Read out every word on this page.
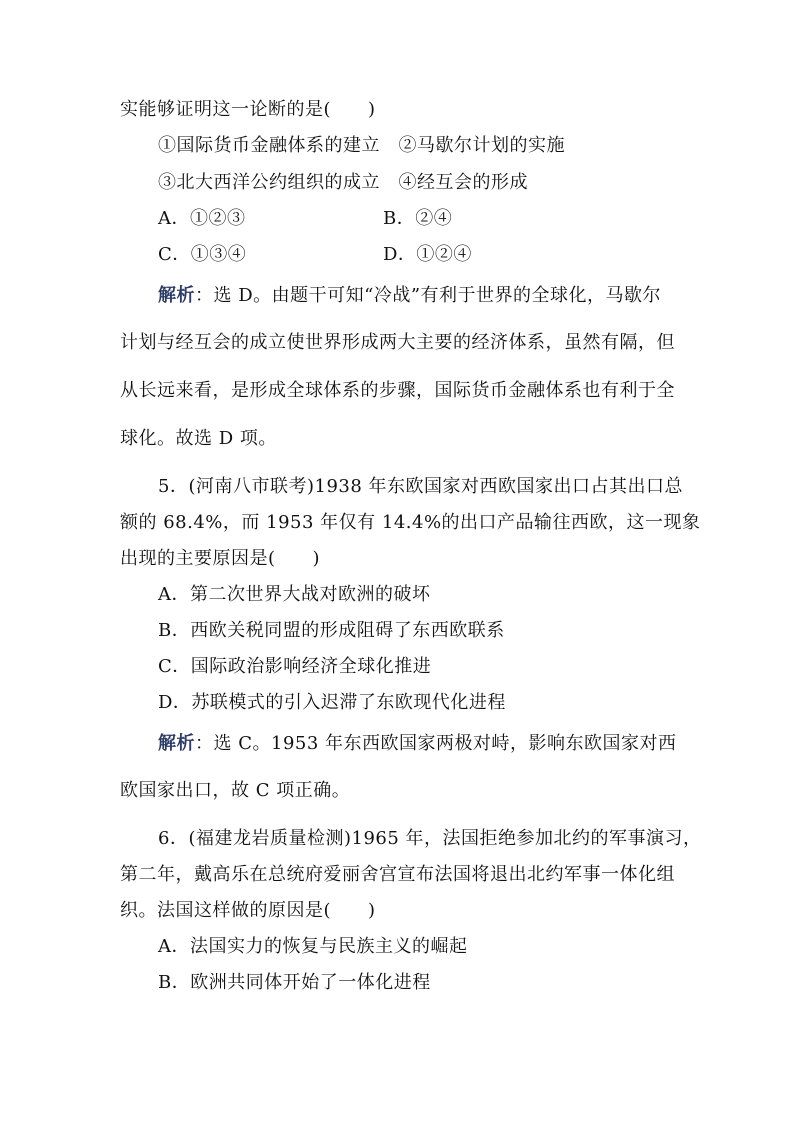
实能够证明这一论断的是(　　)
①国际货币金融体系的建立　②马歇尔计划的实施
③北大西洋公约组织的成立　④经互会的形成
A．①②③	B．②④
C．①③④	D．①②④
解析：选 D。由题干可知“冷战”有利于世界的全球化，马歇尔
计划与经互会的成立使世界形成两大主要的经济体系，虽然有隔，但
从长远来看，是形成全球体系的步骤，国际货币金融体系也有利于全
球化。故选 D 项。
5．(河南八市联考)1938 年东欧国家对西欧国家出口占其出口总
额的 68.4%，而 1953 年仅有 14.4%的出口产品输往西欧，这一现象
出现的主要原因是(　　)
A．第二次世界大战对欧洲的破坏
B．西欧关税同盟的形成阻碍了东西欧联系
C．国际政治影响经济全球化推进
D．苏联模式的引入迟滞了东欧现代化进程
解析：选 C。1953 年东西欧国家两极对峙，影响东欧国家对西
欧国家出口，故 C 项正确。
6．(福建龙岩质量检测)1965 年，法国拒绝参加北约的军事演习，
第二年，戴高乐在总统府爱丽舍宫宣布法国将退出北约军事一体化组
织。法国这样做的原因是(　　)
A．法国实力的恢复与民族主义的崛起
B．欧洲共同体开始了一体化进程
